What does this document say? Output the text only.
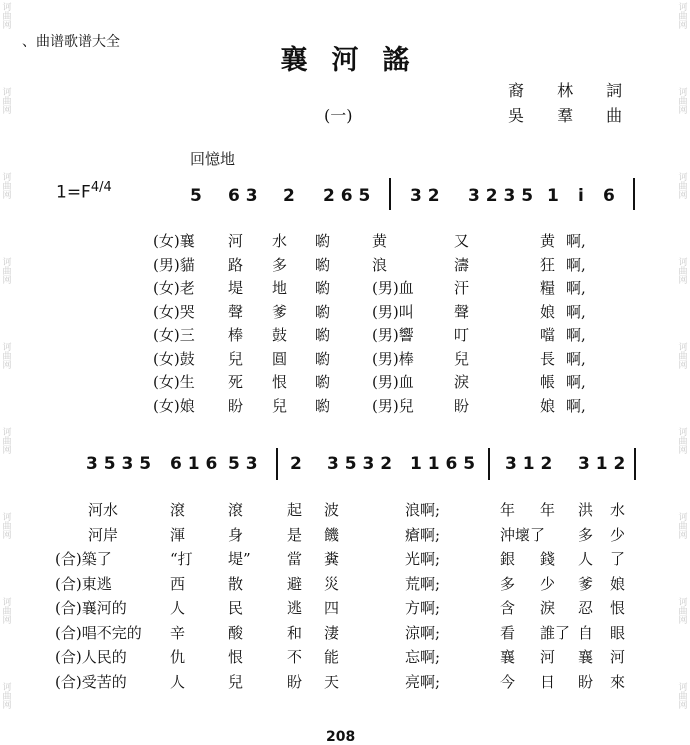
诃曲网
诃曲网
诃曲网
诃曲网
诃曲网
诃曲网
诃曲网
诃曲网
诃曲网
诃曲网
诃曲网
诃曲网
诃曲网
诃曲网
诃曲网
诃曲网
诃曲网
诃曲网
、曲谱歌谱大全
襄河謠
裔 林 詞
吳 羣 曲
(一)
回憶地
$1=F^{4/4}$	5 6 3 2 2 6 5 3 2 3 2 3 5 1 i 6
3 5 3 5 6 1 6 5 3 2 3 5 3 2 1 1 6 5 3 1 2 3 1 2
(女)襄 河 水 喲	黄	又	黄 啊,
(男)貓 路 多 喲	浪	濤	狂 啊,
(女)老 堤 地 喲	(男)血	汗	糧 啊,
(女)哭 聲 爹 喲	(男)叫	聲	娘 啊,
(女)三 棒 鼓 喲	(男)響	叮	噹 啊,
(女)鼓 兒 圓 喲	(男)棒	兒	長 啊,
(女)生 死 恨 喲	(男)血	淚	帳 啊,
(女)娘 盼 兒 喲	(男)兒	盼	娘 啊,
河水	滾	滾	起 波	浪啊;	年 年 洪 水
河岸	渾	身	是 饑	瘡啊;	沖壞了 多 少
(合)築了	“打 堤” 當 糞	光啊;	銀 錢 人 了
(合)東逃	西	散	避 災	荒啊;	多 少 爹 娘
(合)襄河的	人	民	逃 四	方啊;	含 淚 忍 恨
(合)唱不完的 辛	酸	和 淒	涼啊;	看 誰了 自 眼
(合)人民的	仇	恨	不 能	忘啊;	襄 河 襄 河
(合)受苦的	人	兒	盼 天	亮啊;	今 日 盼 來
208
